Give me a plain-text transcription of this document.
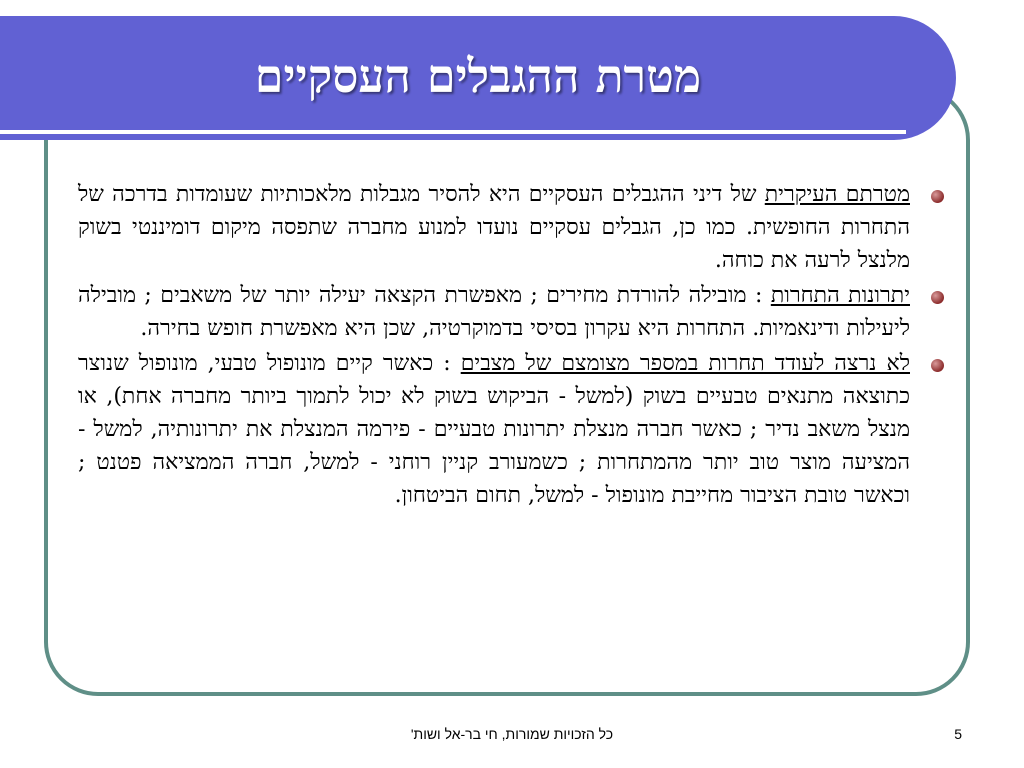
מטרת ההגבלים העסקיים

מטרתם העיקרית של דיני ההגבלים העסקיים היא להסיר מגבלות מלאכותיות שעומדות בדרכה של התחרות החופשית. כמו כן, הגבלים עסקיים נועדו למנוע מחברה שתפסה מיקום דומיננטי בשוק מלנצל לרעה את כוחה.

יתרונות התחרות : מובילה להורדת מחירים ; מאפשרת הקצאה יעילה יותר של משאבים ; מובילה ליעילות ודינאמיות. התחרות היא עקרון בסיסי בדמוקרטיה, שכן היא מאפשרת חופש בחירה.

לא נרצה לעודד תחרות במספר מצומצם של מצבים : כאשר קיים מונופול טבעי, מונופול שנוצר כתוצאה מתנאים טבעיים בשוק (למשל - הביקוש בשוק לא יכול לתמוך ביותר מחברה אחת), או מנצל משאב נדיר ; כאשר חברה מנצלת יתרונות טבעיים - פירמה המנצלת את יתרונותיה, למשל - המציעה מוצר טוב יותר מהמתחרות ; כשמעורב קניין רוחני - למשל, חברה הממציאה פטנט ; וכאשר טובת הציבור מחייבת מונופול - למשל, תחום הביטחון.

כל הזכויות שמורות, חי בר-אל ושות'	5
